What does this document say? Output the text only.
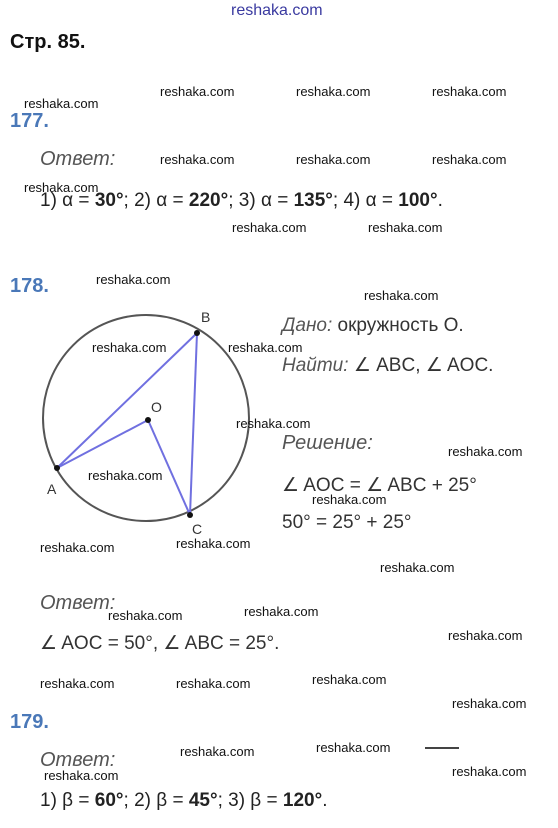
reshaka.com
Стр. 85.
177.
Ответ:
1) α = 30°; 2) α = 220°; 3) α = 135°; 4) α = 100°.
178.
A
B
C
O
Дано: окружность О.
Найти: ∠ ABC, ∠ AOC.
Решение:
∠ AOC = ∠ ABC + 25°
50° = 25° + 25°
Ответ:
∠ AOC = 50°, ∠ ABC = 25°.
179.
Ответ:
1) β = 60°; 2) β = 45°; 3) β = 120°.
reshaka.com
reshaka.com	reshaka.com	reshaka.com
reshaka.com	reshaka.com	reshaka.com
reshaka.com
reshaka.com	reshaka.com
reshaka.com
reshaka.com
reshaka.com	reshaka.com
reshaka.com
reshaka.com
reshaka.com
reshaka.com
reshaka.com	reshaka.com
reshaka.com
reshaka.com	reshaka.com
reshaka.com
reshaka.com	reshaka.com	reshaka.com
reshaka.com
reshaka.com	reshaka.com
reshaka.com
reshaka.com
